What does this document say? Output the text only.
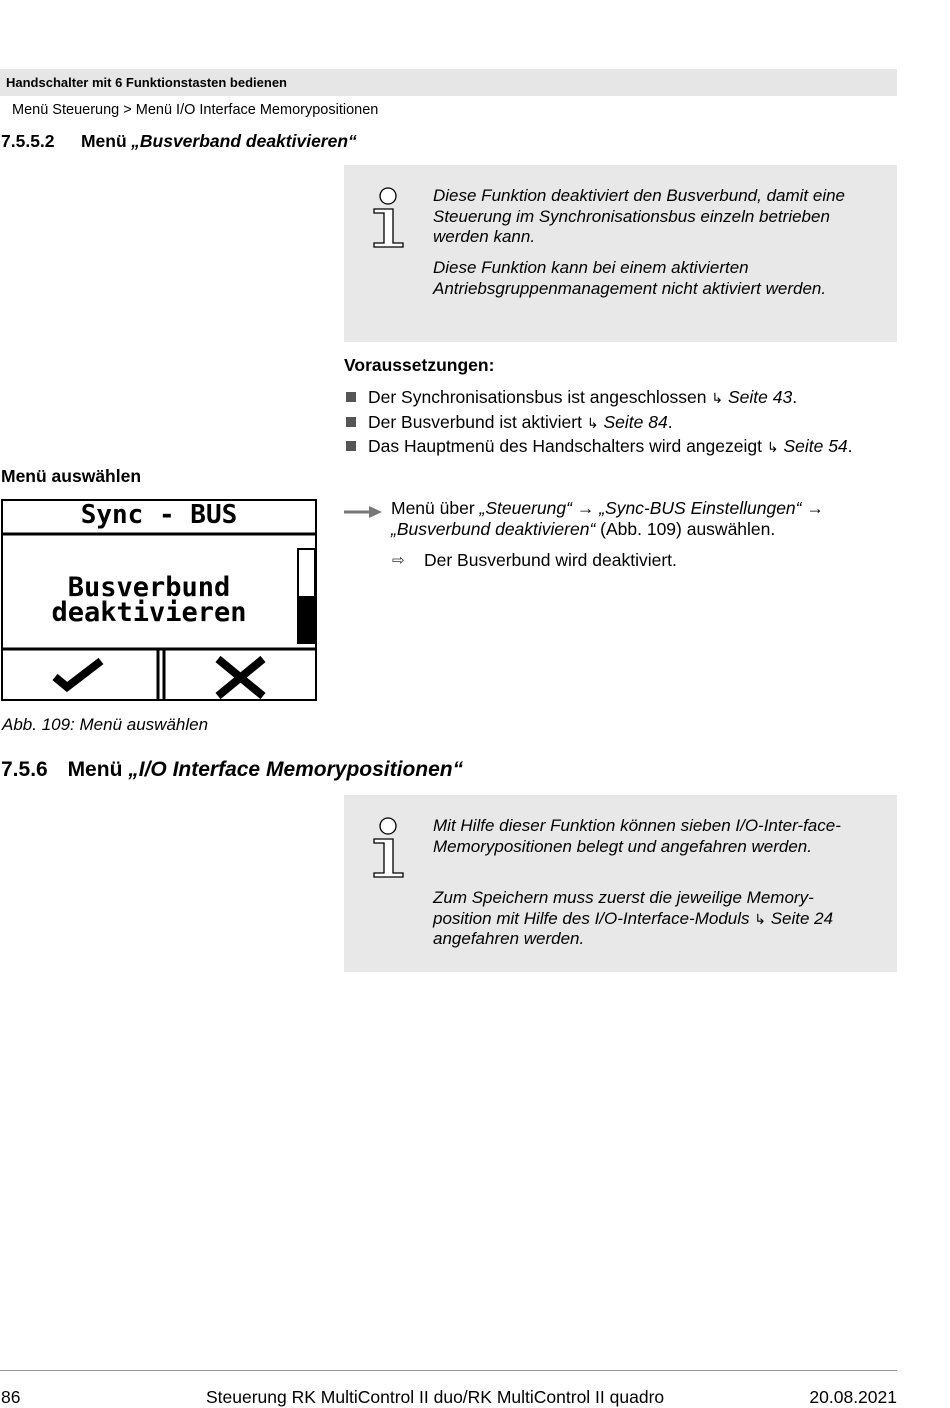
Handschalter mit 6 Funktionstasten bedienen
Menü Steuerung > Menü I/O Interface Memorypositionen
7.5.5.2 Menü „Busverband deaktivieren“

Diese Funktion deaktiviert den Busverbund, damit eine Steuerung im Synchronisationsbus einzeln betrieben werden kann.

Diese Funktion kann bei einem aktivierten Antriebsgruppenmanagement nicht aktiviert werden.

Voraussetzungen:
Der Synchronisationsbus ist angeschlossen ↳ Seite 43.
Der Busverbund ist aktiviert ↳ Seite 84.
Das Hauptmenü des Handschalters wird angezeigt ↳ Seite 54.
Menü auswählen
Menü über „Steuerung“ → „Sync-BUS Einstellungen“ →
„Busverbund deaktivieren“ (Abb. 109) auswählen.
⇨ Der Busverbund wird deaktiviert.
Sync - BUS
Busverbund
deaktivieren
Abb. 109: Menü auswählen
7.5.6 Menü „I/O Interface Memorypositionen“

Mit Hilfe dieser Funktion können sieben I/O-Inter-face-Memorypositionen belegt und angefahren werden.

Zum Speichern muss zuerst die jeweilige Memory-position mit Hilfe des I/O-Interface-Moduls ↳ Seite 24 angefahren werden.

86	Steuerung RK MultiControl II duo/RK MultiControl II quadro	20.08.2021
